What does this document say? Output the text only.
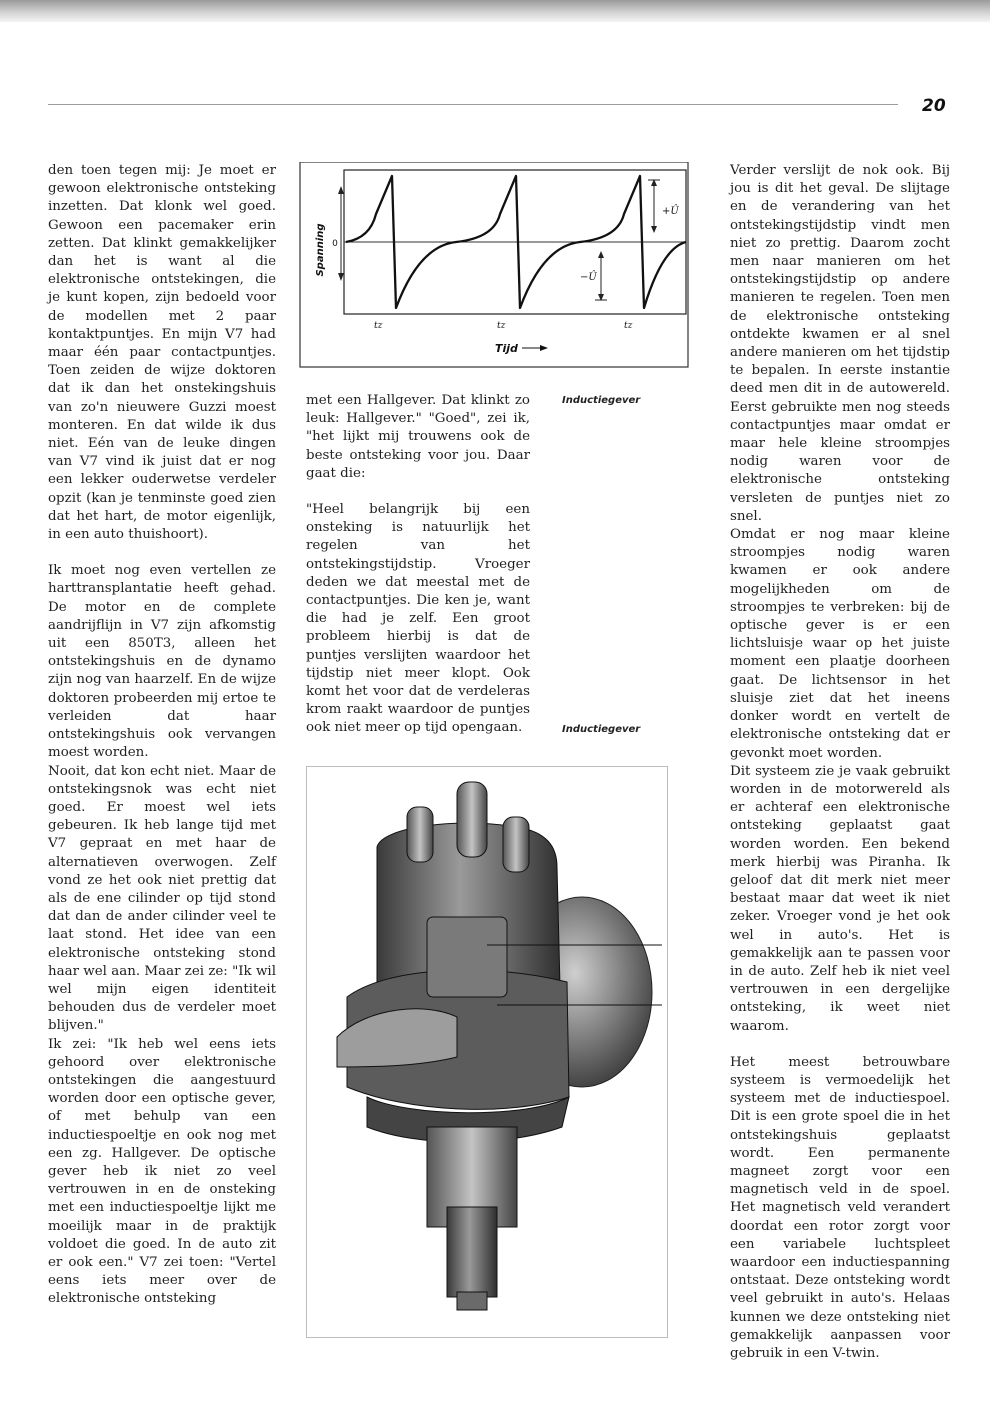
20

den toen tegen mij: Je moet er gewoon elektronische ontsteking inzetten. Dat klonk wel goed. Gewoon een pacemaker erin zetten. Dat klinkt gemakkelijker dan het is want al die elektronische ontstekingen, die je kunt kopen, zijn bedoeld voor de modellen met 2 paar kontaktpuntjes. En mijn V7 had maar één paar contactpuntjes. Toen zeiden de wijze doktoren dat ik dan het onstekingshuis van zo'n nieuwere Guzzi moest monteren. En dat wilde ik dus niet. Eén van de leuke dingen van V7 vind ik juist dat er nog een lekker ouderwetse verdeler opzit (kan je tenminste goed zien dat het hart, de motor eigenlijk, in een auto thuishoort).

Ik moet nog even vertellen ze harttransplantatie heeft gehad. De motor en de complete aandrijflijn in V7 zijn afkomstig uit een 850T3, alleen het ontstekingshuis en de dynamo zijn nog van haarzelf. En de wijze doktoren probeerden mij ertoe te verleiden dat haar ontstekingshuis ook vervangen moest worden.

Nooit, dat kon echt niet. Maar de ontstekingsnok was echt niet goed. Er moest wel iets gebeuren. Ik heb lange tijd met V7 gepraat en met haar de alternatieven overwogen. Zelf vond ze het ook niet prettig dat als de ene cilinder op tijd stond dat dan de ander cilinder veel te laat stond. Het idee van een elektronische ontsteking stond haar wel aan. Maar zei ze: "Ik wil wel mijn eigen identiteit behouden dus de verdeler moet blijven."

Ik zei: "Ik heb wel eens iets gehoord over elektronische ontstekingen die aangestuurd worden door een optische gever, of met behulp van een inductiespoeltje en ook nog met een zg. Hallgever. De optische gever heb ik niet zo veel vertrouwen in en de onsteking met een inductiespoeltje lijkt me moeilijk maar in de praktijk voldoet die goed. In de auto zit er ook een." V7 zei toen: "Vertel eens iets meer over de elektronische ontsteking

Spanning 0
+Û
−Û
tz	tz	tz
Tijd

met een Hallgever. Dat klinkt zo leuk: Hallgever." "Goed", zei ik, "het lijkt mij trouwens ook de beste ontsteking voor jou. Daar gaat die:

"Heel belangrijk bij een onsteking is natuurlijk het regelen van het ontstekingstijdstip. Vroeger deden we dat meestal met de contactpuntjes. Die ken je, want die had je zelf. Een groot probleem hierbij is dat de puntjes verslijten waardoor het tijdstip niet meer klopt. Ook komt het voor dat de verdeleras krom raakt waardoor de puntjes ook niet meer op tijd opengaan.

Inductiegever
Inductiegever

Verder verslijt de nok ook. Bij jou is dit het geval. De slijtage en de verandering van het ontstekingstijdstip vindt men niet zo prettig. Daarom zocht men naar manieren om het ontstekingstijdstip op andere manieren te regelen. Toen men de elektronische ontsteking ontdekte kwamen er al snel andere manieren om het tijdstip te bepalen. In eerste instantie deed men dit in de autowereld. Eerst gebruikte men nog steeds contactpuntjes maar omdat er maar hele kleine stroompjes nodig waren voor de elektronische ontsteking versleten de puntjes niet zo snel.

Omdat er nog maar kleine stroompjes nodig waren kwamen er ook andere mogelijkheden om de stroompjes te verbreken: bij de optische gever is er een lichtsluisje waar op het juiste moment een plaatje doorheen gaat. De lichtsensor in het sluisje ziet dat het ineens donker wordt en vertelt de elektronische ontsteking dat er gevonkt moet worden.

Dit systeem zie je vaak gebruikt worden in de motorwereld als er achteraf een elektronische ontsteking geplaatst gaat worden worden. Een bekend merk hierbij was Piranha. Ik geloof dat dit merk niet meer bestaat maar dat weet ik niet zeker. Vroeger vond je het ook wel in auto's. Het is gemakkelijk aan te passen voor in de auto. Zelf heb ik niet veel vertrouwen in een dergelijke ontsteking, ik weet niet waarom.

Het meest betrouwbare systeem is vermoedelijk het systeem met de inductiespoel. Dit is een grote spoel die in het ontstekingshuis geplaatst wordt. Een permanente magneet zorgt voor een magnetisch veld in de spoel. Het magnetisch veld verandert doordat een rotor zorgt voor een variabele luchtspleet waardoor een inductiespanning ontstaat. Deze ontsteking wordt veel gebruikt in auto's. Helaas kunnen we deze ontsteking niet gemakkelijk aanpassen voor gebruik in een V-twin.
